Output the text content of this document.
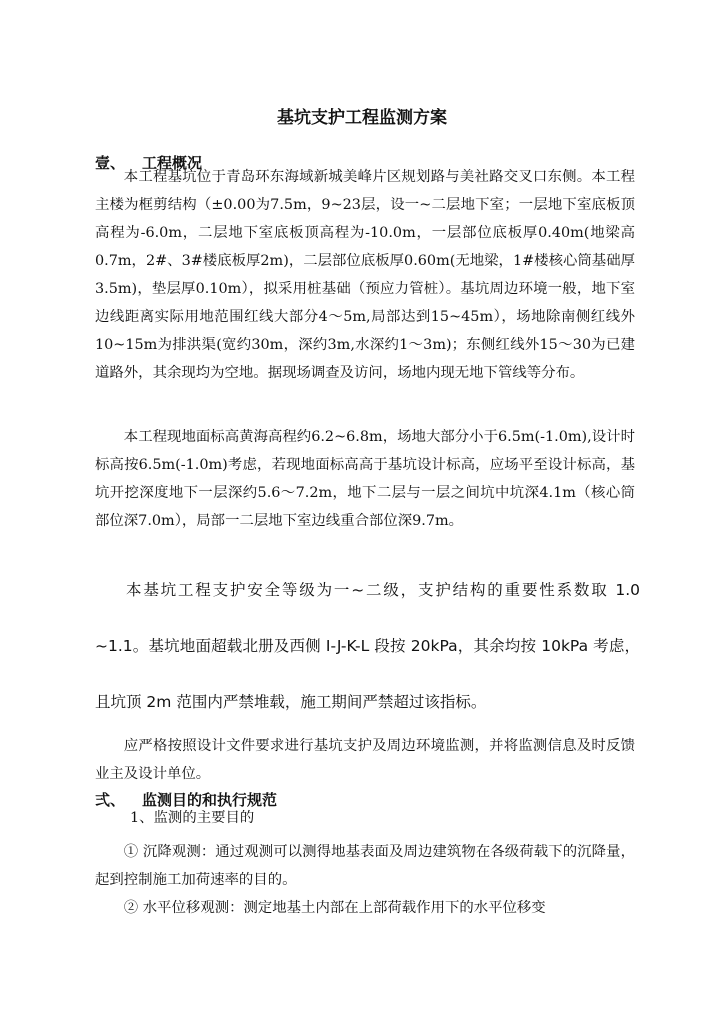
基坑支护工程监测方案
壹、 工程概况

本工程基坑位于青岛环东海域新城美峰片区规划路与美社路交叉口东侧。本工程主楼为框剪结构（±0.00为7.5m，9~23层，设一~二层地下室；一层地下室底板顶高程为-6.0m，二层地下室底板顶高程为-10.0m，一层部位底板厚0.40m(地梁高0.7m，2#、3#楼底板厚2m)，二层部位底板厚0.60m(无地梁，1#楼核心筒基础厚3.5m)，垫层厚0.10m），拟采用桩基础（预应力管桩）。基坑周边环境一般，地下室边线距离实际用地范围红线大部分4～5m,局部达到15~45m），场地除南侧红线外10~15m为排洪渠(宽约30m，深约3m,水深约1～3m)；东侧红线外15～30为已建道路外，其余现均为空地。据现场调查及访问，场地内现无地下管线等分布。

本工程现地面标高黄海高程约6.2~6.8m，场地大部分小于6.5m(-1.0m),设计时标高按6.5m(-1.0m)考虑，若现地面标高高于基坑设计标高，应场平至设计标高，基坑开挖深度地下一层深约5.6～7.2m，地下二层与一层之间坑中坑深4.1m（核心筒部位深7.0m），局部一二层地下室边线重合部位深9.7m。

本基坑工程支护安全等级为一~二级，支护结构的重要性系数取 1.0 ~1.1。基坑地面超载北册及西侧 I-J-K-L 段按 20kPa，其余均按 10kPa 考虑，且坑顶 2m 范围内严禁堆载，施工期间严禁超过该指标。

应严格按照设计文件要求进行基坑支护及周边环境监测，并将监测信息及时反馈业主及设计单位。

弍、 监测目的和执行规范
1、监测的主要目的

① 沉降观测：通过观测可以测得地基表面及周边建筑物在各级荷载下的沉降量，起到控制施工加荷速率的目的。

② 水平位移观测：测定地基土内部在上部荷载作用下的水平位移变
